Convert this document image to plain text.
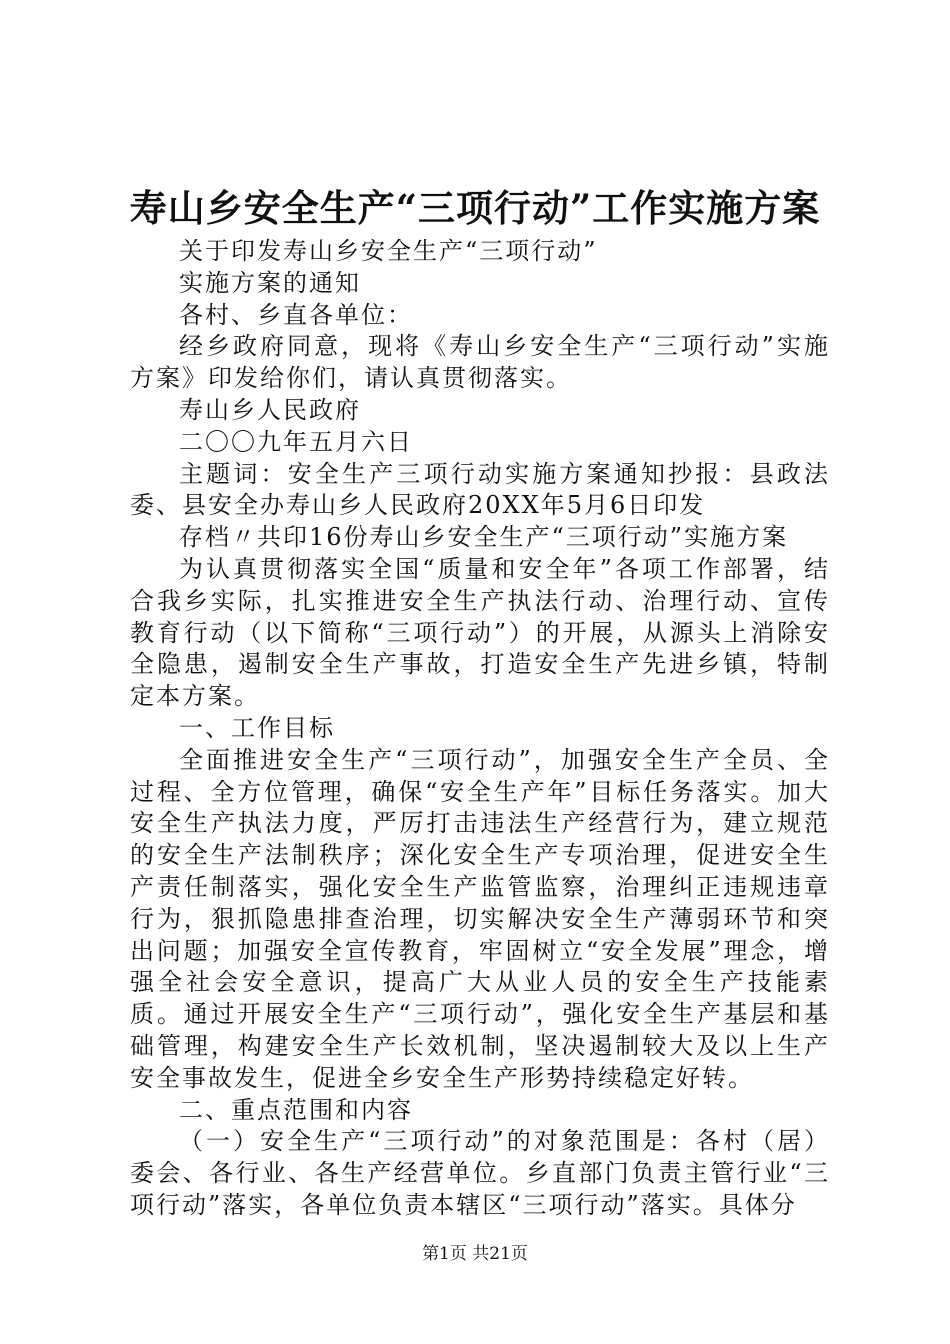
寿山乡安全生产“三项行动”工作实施方案

关于印发寿山乡安全生产“三项行动”

实施方案的通知

各村、乡直各单位：

经乡政府同意，现将《寿山乡安全生产“三项行动”实施方案》印发给你们，请认真贯彻落实。

寿山乡人民政府

二〇〇九年五月六日

主题词：安全生产三项行动实施方案通知抄报：县政法委、县安全办寿山乡人民政府20XX年5月6日印发

存档〃共印16份寿山乡安全生产“三项行动”实施方案

为认真贯彻落实全国“质量和安全年”各项工作部署，结合我乡实际，扎实推进安全生产执法行动、治理行动、宣传教育行动（以下简称“三项行动”）的开展，从源头上消除安全隐患，遏制安全生产事故，打造安全生产先进乡镇，特制定本方案。

一、工作目标

全面推进安全生产“三项行动”，加强安全生产全员、全过程、全方位管理，确保“安全生产年”目标任务落实。加大安全生产执法力度，严厉打击违法生产经营行为，建立规范的安全生产法制秩序；深化安全生产专项治理，促进安全生产责任制落实，强化安全生产监管监察，治理纠正违规违章行为，狠抓隐患排查治理，切实解决安全生产薄弱环节和突出问题；加强安全宣传教育，牢固树立“安全发展”理念，增强全社会安全意识，提高广大从业人员的安全生产技能素质。通过开展安全生产“三项行动”，强化安全生产基层和基础管理，构建安全生产长效机制，坚决遏制较大及以上生产安全事故发生，促进全乡安全生产形势持续稳定好转。

二、重点范围和内容

（一）安全生产“三项行动”的对象范围是：各村（居）委会、各行业、各生产经营单位。乡直部门负责主管行业“三项行动”落实，各单位负责本辖区“三项行动”落实。具体分

第1页 共21页
